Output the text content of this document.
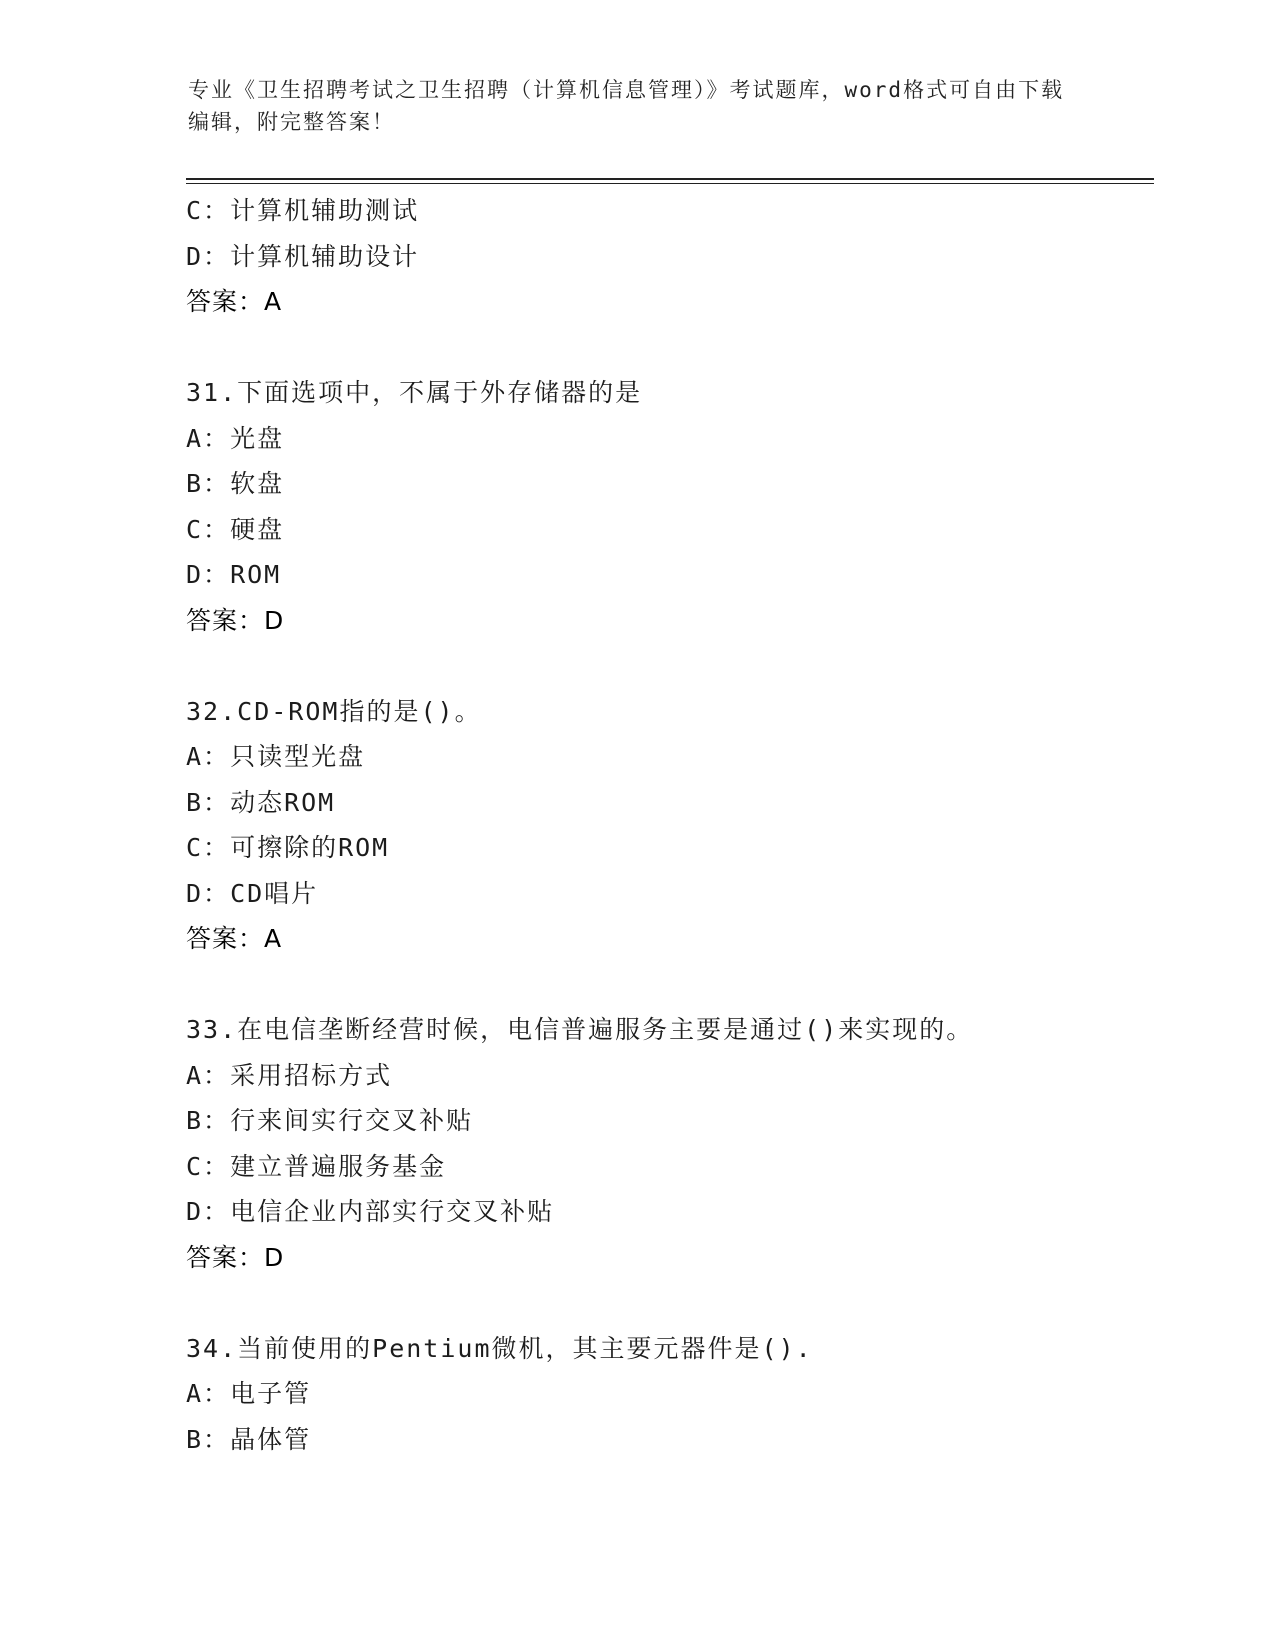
专业《卫生招聘考试之卫生招聘（计算机信息管理）》考试题库，word格式可自由下载编辑，附完整答案！
C：计算机辅助测试
D：计算机辅助设计
答案：A
31.下面选项中，不属于外存储器的是
A：光盘
B：软盘
C：硬盘
D：ROM
答案：D
32.CD-ROM指的是()。
A：只读型光盘
B：动态ROM
C：可擦除的ROM
D：CD唱片
答案：A
33.在电信垄断经营时候，电信普遍服务主要是通过()来实现的。
A：采用招标方式
B：行来间实行交叉补贴
C：建立普遍服务基金
D：电信企业内部实行交叉补贴
答案：D
34.当前使用的Pentium微机，其主要元器件是().
A：电子管
B：晶体管
